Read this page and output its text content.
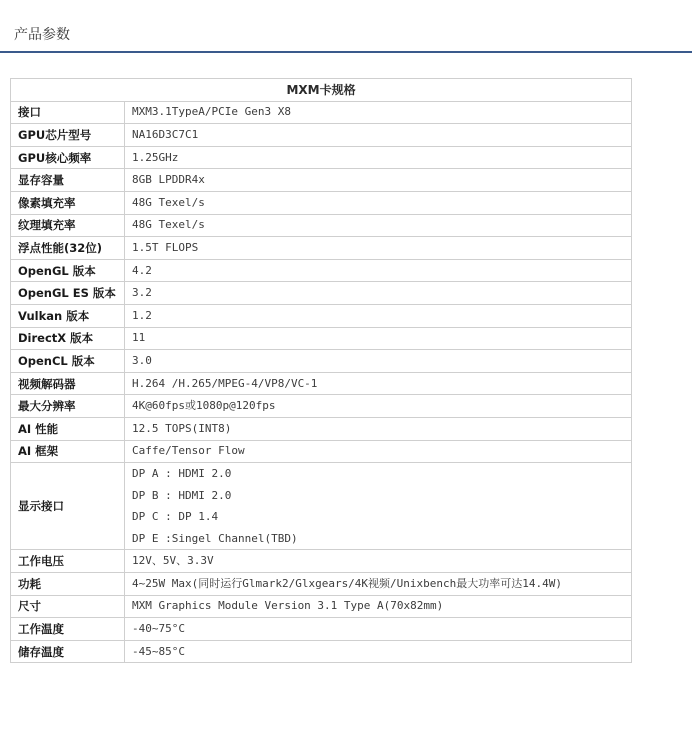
产品参数
MXM卡规格	
接口	MXM3.1TypeA/PCIe Gen3 X8
GPU芯片型号	NA16D3C7C1
GPU核心频率	1.25GHz
显存容量	8GB LPDDR4x
像素填充率	48G Texel/s
纹理填充率	48G Texel/s
浮点性能(32位)	1.5T FLOPS
OpenGL 版本	4.2
OpenGL ES 版本	3.2
Vulkan 版本	1.2
DirectX 版本	11
OpenCL 版本	3.0
视频解码器	H.264 /H.265/MPEG-4/VP8/VC-1
最大分辨率	4K@60fps或1080p@120fps
AI 性能	12.5 TOPS(INT8)
AI 框架	Caffe/Tensor Flow
显示接口	DP A : HDMI 2.0
DP B : HDMI 2.0
DP C : DP 1.4
DP E :Singel Channel(TBD)

工作电压	12V、5V、3.3V
功耗	4~25W Max(同时运行Glmark2/Glxgears/4K视频/Unixbench最大功率可达14.4W)
尺寸	MXM Graphics Module Version 3.1 Type A(70x82mm)
工作温度	-40~75°C
储存温度	-45~85°C
